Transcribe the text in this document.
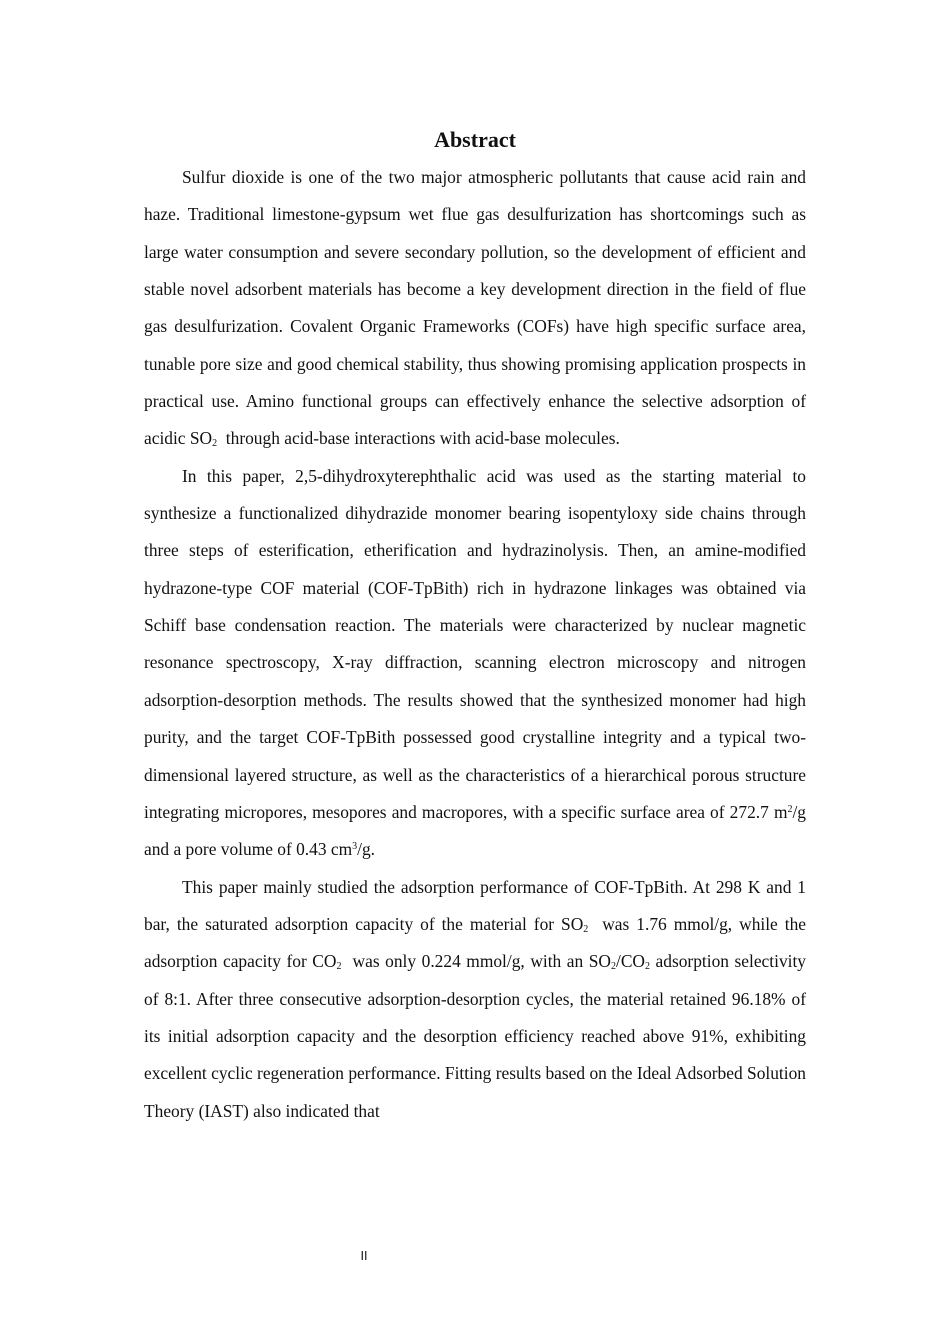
Abstract

Sulfur dioxide is one of the two major atmospheric pollutants that cause acid rain and haze. Traditional limestone-gypsum wet flue gas desulfurization has shortcomings such as large water consumption and severe secondary pollution, so the development of efficient and stable novel adsorbent materials has become a key development direction in the field of flue gas desulfurization. Covalent Organic Frameworks (COFs) have high specific surface area, tunable pore size and good chemical stability, thus showing promising application prospects in practical use. Amino functional groups can effectively enhance the selective adsorption of acidic $SO_2$  through acid-base interactions with acid-base molecules.

In this paper, 2,5-dihydroxyterephthalic acid was used as the starting material to synthesize a functionalized dihydrazide monomer bearing isopentyloxy side chains through three steps of esterification, etherification and hydrazinolysis. Then, an amine-modified hydrazone-type COF material (COF-TpBith) rich in hydrazone linkages was obtained via Schiff base condensation reaction. The materials were characterized by nuclear magnetic resonance spectroscopy, X-ray diffraction, scanning electron microscopy and nitrogen adsorption-desorption methods. The results showed that the synthesized monomer had high purity, and the target COF-TpBith possessed good crystalline integrity and a typical two-dimensional layered structure, as well as the characteristics of a hierarchical porous structure integrating micropores, mesopores and macropores, with a specific surface area of 272.7 $m^2/g$ and a pore volume of 0.43 $cm^3/g$.

This paper mainly studied the adsorption performance of COF-TpBith. At 298 K and 1 bar, the saturated adsorption capacity of the material for $SO_2$  was 1.76 mmol/g, while the adsorption capacity for $CO_2$  was only 0.224 mmol/g, with an $SO_2/CO_2$ adsorption selectivity of 8:1. After three consecutive adsorption-desorption cycles, the material retained 96.18% of its initial adsorption capacity and the desorption efficiency reached above 91%, exhibiting excellent cyclic regeneration performance. Fitting results based on the Ideal Adsorbed Solution Theory (IAST) also indicated that

II
